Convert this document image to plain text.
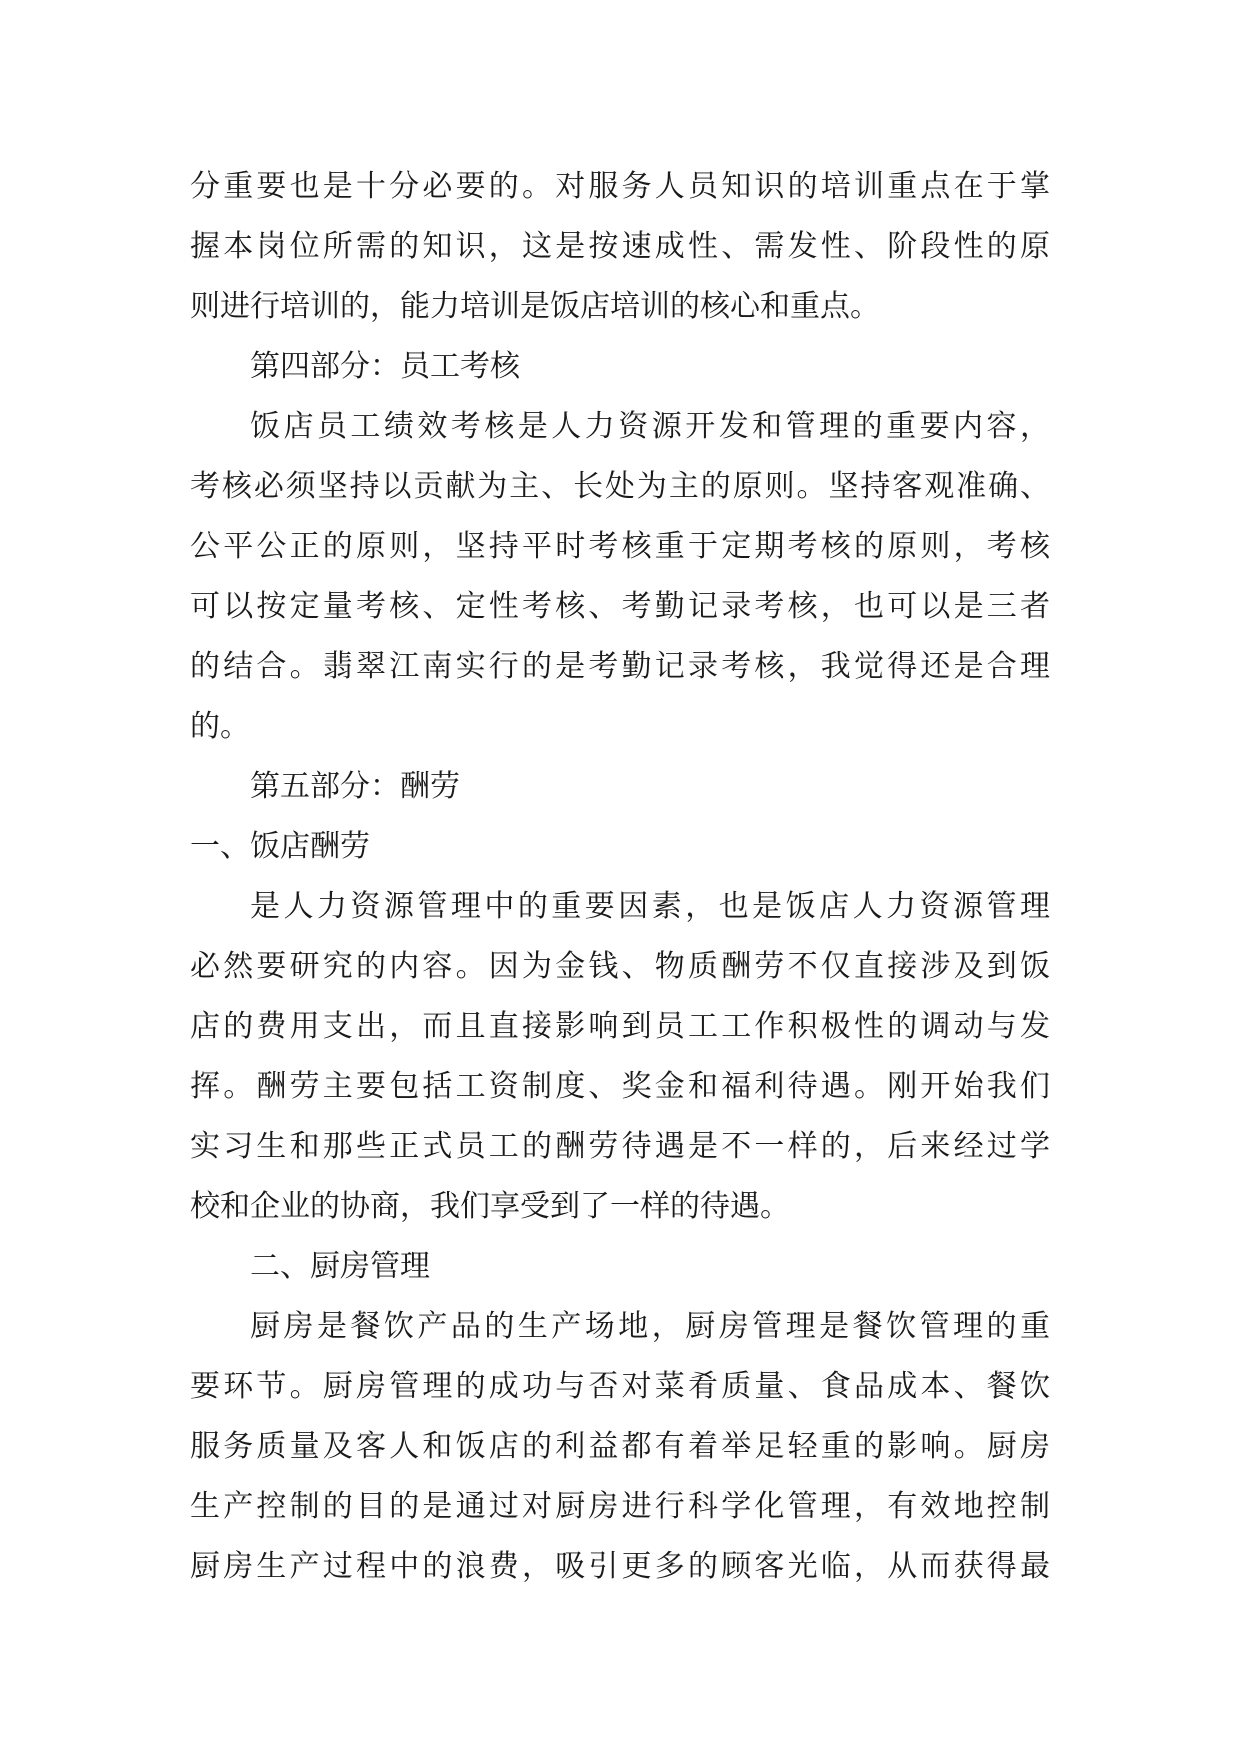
分重要也是十分必要的。对服务人员知识的培训重点在于掌
握本岗位所需的知识，这是按速成性、需发性、阶段性的原
则进行培训的，能力培训是饭店培训的核心和重点。
第四部分：员工考核
饭店员工绩效考核是人力资源开发和管理的重要内容，
考核必须坚持以贡献为主、长处为主的原则。坚持客观准确、
公平公正的原则，坚持平时考核重于定期考核的原则，考核
可以按定量考核、定性考核、考勤记录考核，也可以是三者
的结合。翡翠江南实行的是考勤记录考核，我觉得还是合理
的。
第五部分：酬劳
一、饭店酬劳
是人力资源管理中的重要因素，也是饭店人力资源管理
必然要研究的内容。因为金钱、物质酬劳不仅直接涉及到饭
店的费用支出，而且直接影响到员工工作积极性的调动与发
挥。酬劳主要包括工资制度、奖金和福利待遇。刚开始我们
实习生和那些正式员工的酬劳待遇是不一样的，后来经过学
校和企业的协商，我们享受到了一样的待遇。
二、厨房管理
厨房是餐饮产品的生产场地，厨房管理是餐饮管理的重
要环节。厨房管理的成功与否对菜肴质量、食品成本、餐饮
服务质量及客人和饭店的利益都有着举足轻重的影响。厨房
生产控制的目的是通过对厨房进行科学化管理，有效地控制
厨房生产过程中的浪费，吸引更多的顾客光临，从而获得最
